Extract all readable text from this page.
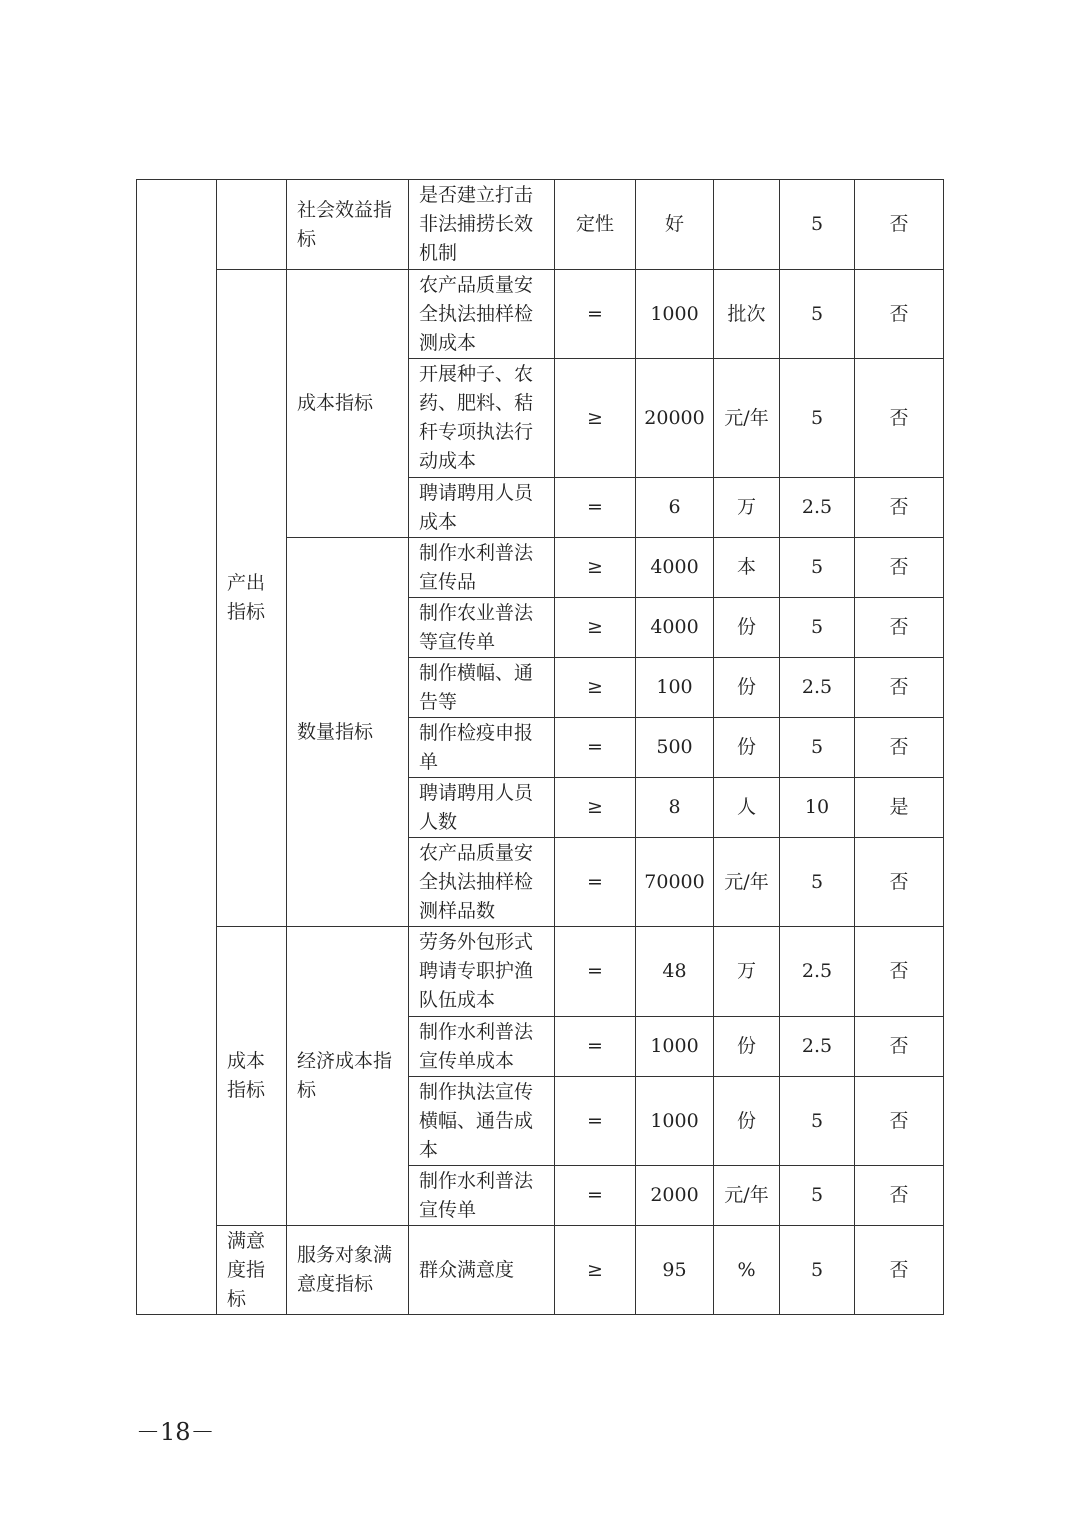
		社会效益指标	是否建立打击非法捕捞长效机制	定性	好		5	否
	产出指标	成本指标	农产品质量安全执法抽样检测成本	=	1000	批次	5	否
			开展种子、农药、肥料、秸秆专项执法行动成本	≥	20000	元/年	5	否
			聘请聘用人员成本	=	6	万	2.5	否
		数量指标	制作水利普法宣传品	≥	4000	本	5	否
			制作农业普法等宣传单	≥	4000	份	5	否
			制作横幅、通告等	≥	100	份	2.5	否
			制作检疫申报单	=	500	份	5	否
			聘请聘用人员人数	≥	8	人	10	是
			农产品质量安全执法抽样检测样品数	=	70000	元/年	5	否
	成本指标	经济成本指标	劳务外包形式聘请专职护渔队伍成本	=	48	万	2.5	否
			制作水利普法宣传单成本	=	1000	份	2.5	否
			制作执法宣传横幅、通告成本	=	1000	份	5	否
			制作水利普法宣传单	=	2000	元/年	5	否
	满意度指标	服务对象满意度指标	群众满意度	≥	95	%	5	否
－18－
